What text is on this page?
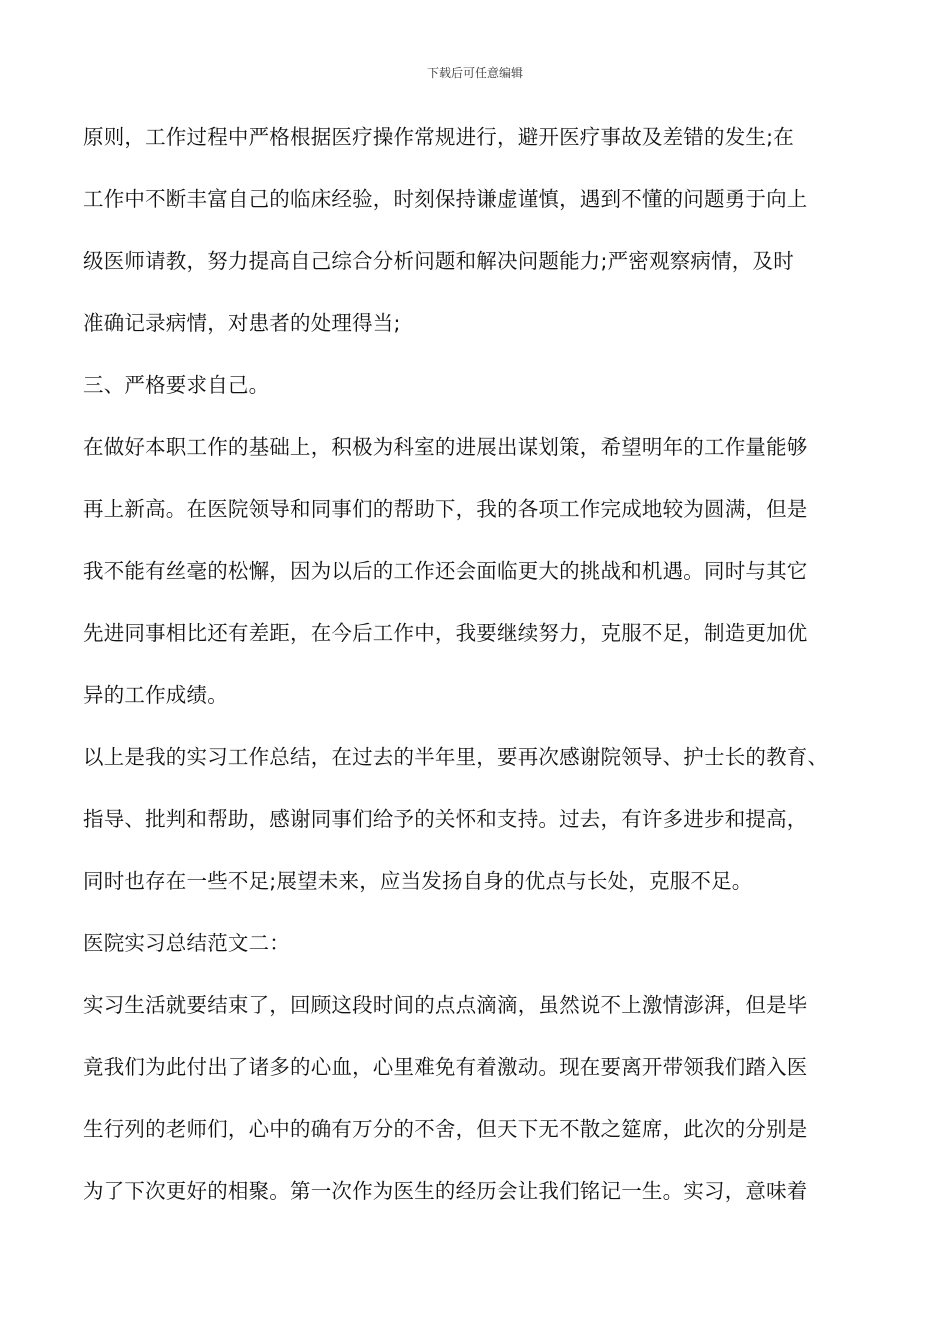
下载后可任意编辑
原则，工作过程中严格根据医疗操作常规进行，避开医疗事故及差错的发生;在
工作中不断丰富自己的临床经验，时刻保持谦虚谨慎，遇到不懂的问题勇于向上
级医师请教，努力提高自己综合分析问题和解决问题能力;严密观察病情，及时
准确记录病情，对患者的处理得当;
三、严格要求自己。
在做好本职工作的基础上，积极为科室的进展出谋划策，希望明年的工作量能够
再上新高。在医院领导和同事们的帮助下，我的各项工作完成地较为圆满，但是
我不能有丝毫的松懈，因为以后的工作还会面临更大的挑战和机遇。同时与其它
先进同事相比还有差距，在今后工作中，我要继续努力，克服不足，制造更加优
异的工作成绩。
以上是我的实习工作总结，在过去的半年里，要再次感谢院领导、护士长的教育、
指导、批判和帮助，感谢同事们给予的关怀和支持。过去，有许多进步和提高，
同时也存在一些不足;展望未来，应当发扬自身的优点与长处，克服不足。
医院实习总结范文二：
实习生活就要结束了，回顾这段时间的点点滴滴，虽然说不上激情澎湃，但是毕
竟我们为此付出了诸多的心血，心里难免有着激动。现在要离开带领我们踏入医
生行列的老师们，心中的确有万分的不舍，但天下无不散之筵席，此次的分别是
为了下次更好的相聚。第一次作为医生的经历会让我们铭记一生。实习，意味着
